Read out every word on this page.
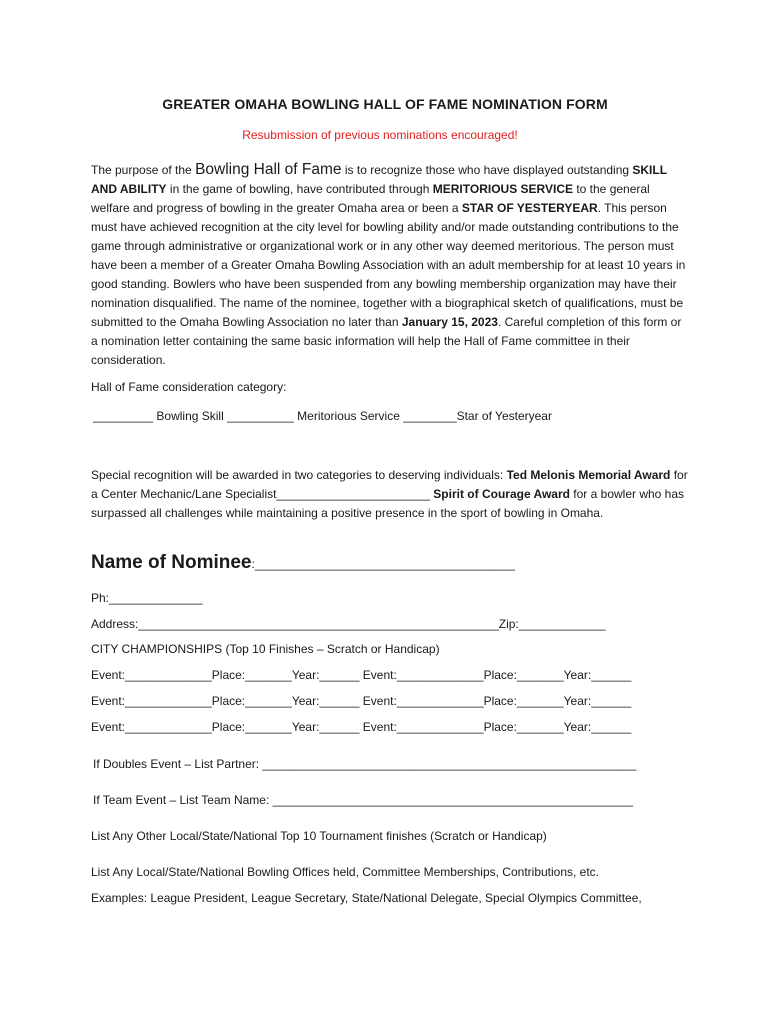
GREATER OMAHA BOWLING HALL OF FAME NOMINATION FORM
Resubmission of previous nominations encouraged!
The purpose of the Bowling Hall of Fame is to recognize those who have displayed outstanding SKILL AND ABILITY in the game of bowling, have contributed through MERITORIOUS SERVICE to the general welfare and progress of bowling in the greater Omaha area or been a STAR OF YESTERYEAR. This person must have achieved recognition at the city level for bowling ability and/or made outstanding contributions to the game through administrative or organizational work or in any other way deemed meritorious. The person must have been a member of a Greater Omaha Bowling Association with an adult membership for at least 10 years in good standing. Bowlers who have been suspended from any bowling membership organization may have their nomination disqualified. The name of the nominee, together with a biographical sketch of qualifications, must be submitted to the Omaha Bowling Association no later than January 15, 2023. Careful completion of this form or a nomination letter containing the same basic information will help the Hall of Fame committee in their consideration.
Hall of Fame consideration category:
_________ Bowling Skill __________ Meritorious Service ________Star of Yesteryear
Special recognition will be awarded in two categories to deserving individuals: Ted Melonis Memorial Award for a Center Mechanic/Lane Specialist_______________________ Spirit of Courage Award for a bowler who has surpassed all challenges while maintaining a positive presence in the sport of bowling in Omaha.
Name of Nominee:_______________________________________
Ph:______________
Address:______________________________________________________Zip:_____________
CITY CHAMPIONSHIPS (Top 10 Finishes – Scratch or Handicap)
Event:_____________Place:_______Year:______ Event:_____________Place:_______Year:______
Event:_____________Place:_______Year:______ Event:_____________Place:_______Year:______
Event:_____________Place:_______Year:______ Event:_____________Place:_______Year:______
If Doubles Event – List Partner: ________________________________________________________
If Team Event – List Team Name: ______________________________________________________
List Any Other Local/State/National Top 10 Tournament finishes (Scratch or Handicap)
List Any Local/State/National Bowling Offices held, Committee Memberships, Contributions, etc.
Examples: League President, League Secretary, State/National Delegate, Special Olympics Committee,
